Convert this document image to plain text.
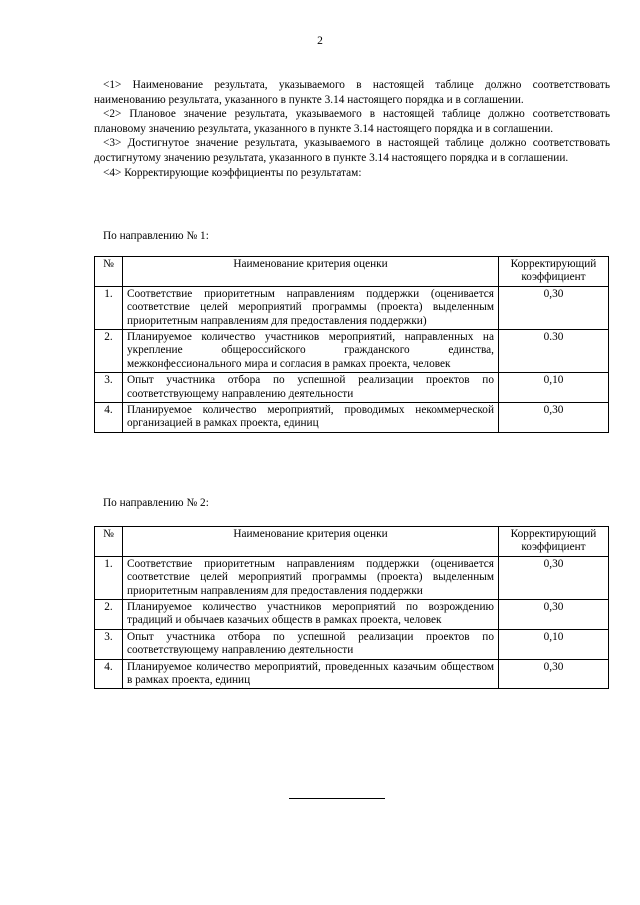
2

<1> Наименование результата, указываемого в настоящей таблице должно соответствовать наименованию результата, указанного в пункте 3.14 настоящего порядка и в соглашении.

<2> Плановое значение результата, указываемого в настоящей таблице должно соответствовать плановому значению результата, указанного в пункте 3.14 настоящего порядка и в соглашении.

<3> Достигнутое значение результата, указываемого в настоящей таблице должно соответствовать достигнутому значению результата, указанного в пункте 3.14 настоящего порядка и в соглашении.

<4> Корректирующие коэффициенты по результатам:

По направлению № 1:
№	Наименование критерия оценки	Корректирующий коэффициент
1.	Соответствие приоритетным направлениям поддержки (оценивается соответствие целей мероприятий программы (проекта) выделенным приоритетным направлениям для предоставления поддержки)	0,30
2.	Планируемое количество участников мероприятий, направленных на укрепление общероссийского гражданского единства, межконфессионального мира и согласия в рамках проекта, человек	0.30
3.	Опыт участника отбора по успешной реализации проектов по соответствующему направлению деятельности	0,10
4.	Планируемое количество мероприятий, проводимых некоммерческой организацией в рамках проекта, единиц	0,30
По направлению № 2:
№	Наименование критерия оценки	Корректирующий коэффициент
1.	Соответствие приоритетным направлениям поддержки (оценивается соответствие целей мероприятий программы (проекта) выделенным приоритетным направлениям для предоставления поддержки	0,30
2.	Планируемое количество участников мероприятий по возрождению традиций и обычаев казачьих обществ в рамках проекта, человек	0,30
3.	Опыт участника отбора по успешной реализации проектов по соответствующему направлению деятельности	0,10
4.	Планируемое количество мероприятий, проведенных казачьим обществом в рамках проекта, единиц	0,30
